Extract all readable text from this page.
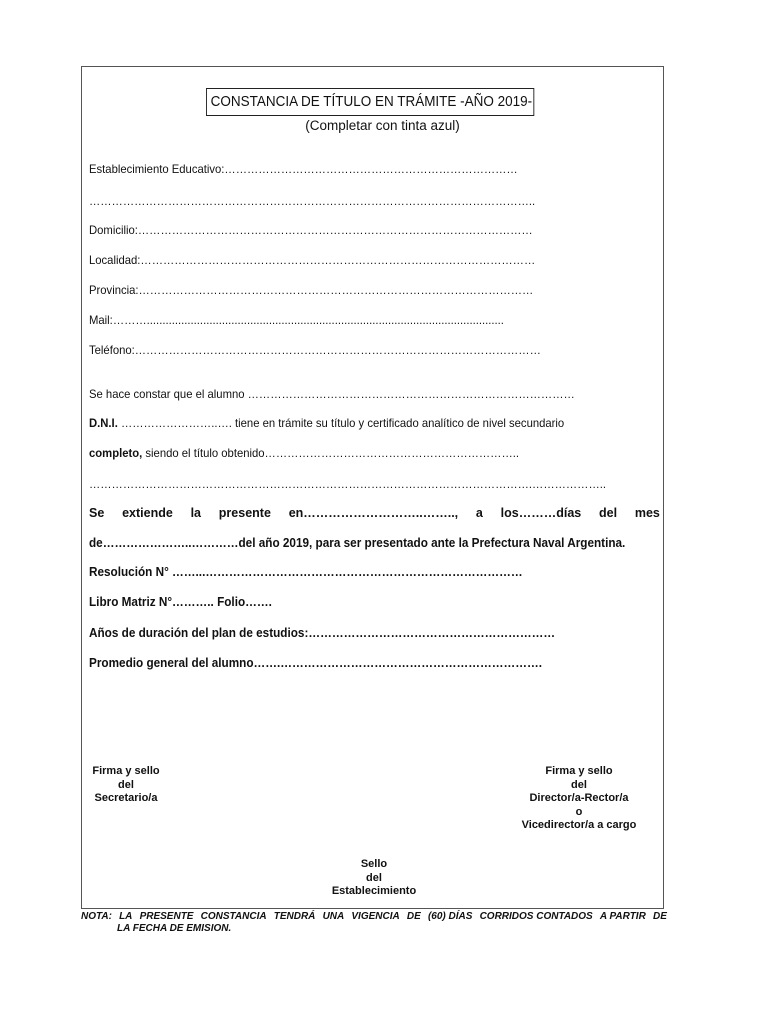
CONSTANCIA DE TÍTULO EN TRÁMITE -AÑO 2019-
(Completar con tinta azul)
Establecimiento Educativo:……………………………………………………………………
………………………………………………………………………………………………………..
Domicilio:……………………………………………………………………………………………
Localidad:……………………………………………………………………………………………
Provincia:……………………………………………………………………………………………
Mail:………..................................................................................................................
Teléfono:………………………………………………………………………………………………
Se hace constar que el alumno ……………………………………………………………………………
D.N.I. ……………………..…. tiene en trámite su título y certificado analítico de nivel secundario
completo, siendo el título obtenido…………………………………………………………..
……………………………………………………………………………………………………….………………..
Se extiende la presente en………………………..…….., a los………días del mes
de…………………..…………del año 2019, para ser presentado ante la Prefectura Naval Argentina.
Resolución N° ……...………………………………………………………………………
Libro Matriz N°……….. Folio…….
Años de duración del plan de estudios:………………………………………………………
Promedio general del alumno…….………………………………………………………….
Firma y sello
del
Secretario/a
Firma y sello
del
Director/a-Rector/a
o
Vicedirector/a a cargo
Sello
del
Establecimiento
NOTA: LA PRESENTE CONSTANCIA TENDRÁ UNA VIGENCIA DE (60) DÍAS CORRIDOS CONTADOS A PARTIR DE
LA FECHA DE EMISION.
